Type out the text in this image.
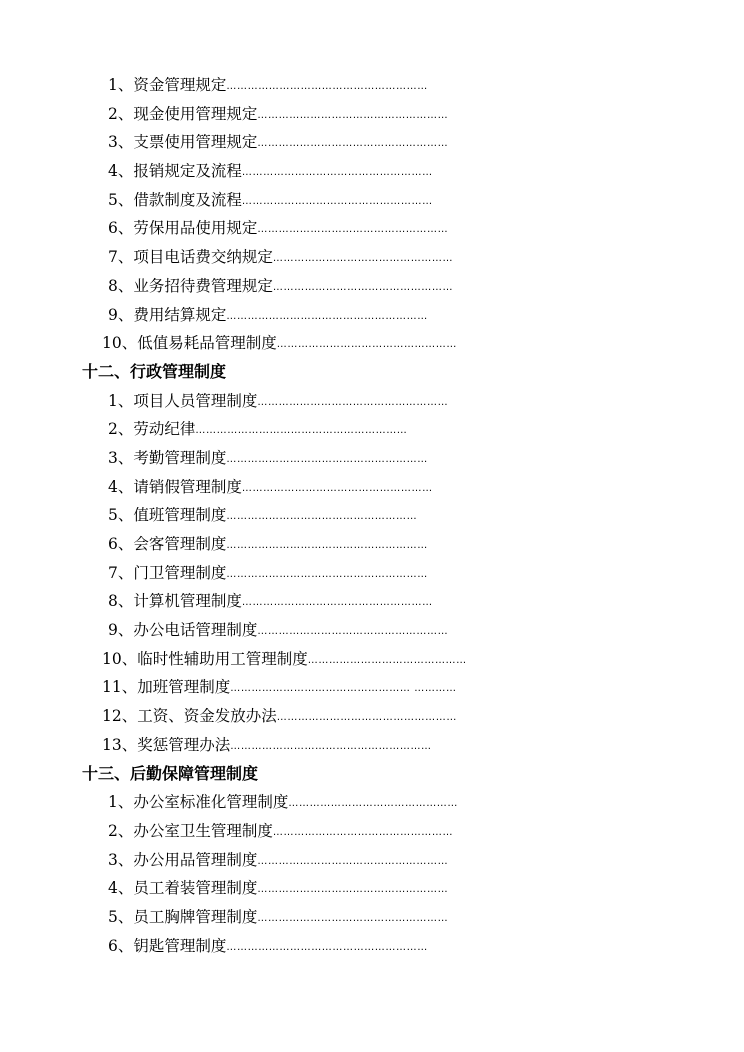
1、资金管理规定…………………………………………………
2、现金使用管理规定………………………………………………
3、支票使用管理规定………………………………………………
4、报销规定及流程………………………………………………
5、借款制度及流程………………………………………………
6、劳保用品使用规定………………………………………………
7、项目电话费交纳规定……………………………………………
8、业务招待费管理规定……………………………………………
9、费用结算规定…………………………………………………
10、低值易耗品管理制度……………………………………………
十二、行政管理制度
1、项目人员管理制度………………………………………………
2、劳动纪律……………………………………………………
3、考勤管理制度…………………………………………………
4、请销假管理制度………………………………………………
5、值班管理制度………………………………………………
6、会客管理制度…………………………………………………
7、门卫管理制度…………………………………………………
8、计算机管理制度………………………………………………
9、办公电话管理制度………………………………………………
10、临时性辅助用工管理制度………………………………………
11、加班管理制度…………………………………………… …………
12、工资、资金发放办法……………………………………………
13、奖惩管理办法…………………………………………………
十三、后勤保障管理制度
1、办公室标准化管理制度…………………………………………
2、办公室卫生管理制度……………………………………………
3、办公用品管理制度………………………………………………
4、员工着装管理制度………………………………………………
5、员工胸牌管理制度………………………………………………
6、钥匙管理制度…………………………………………………
